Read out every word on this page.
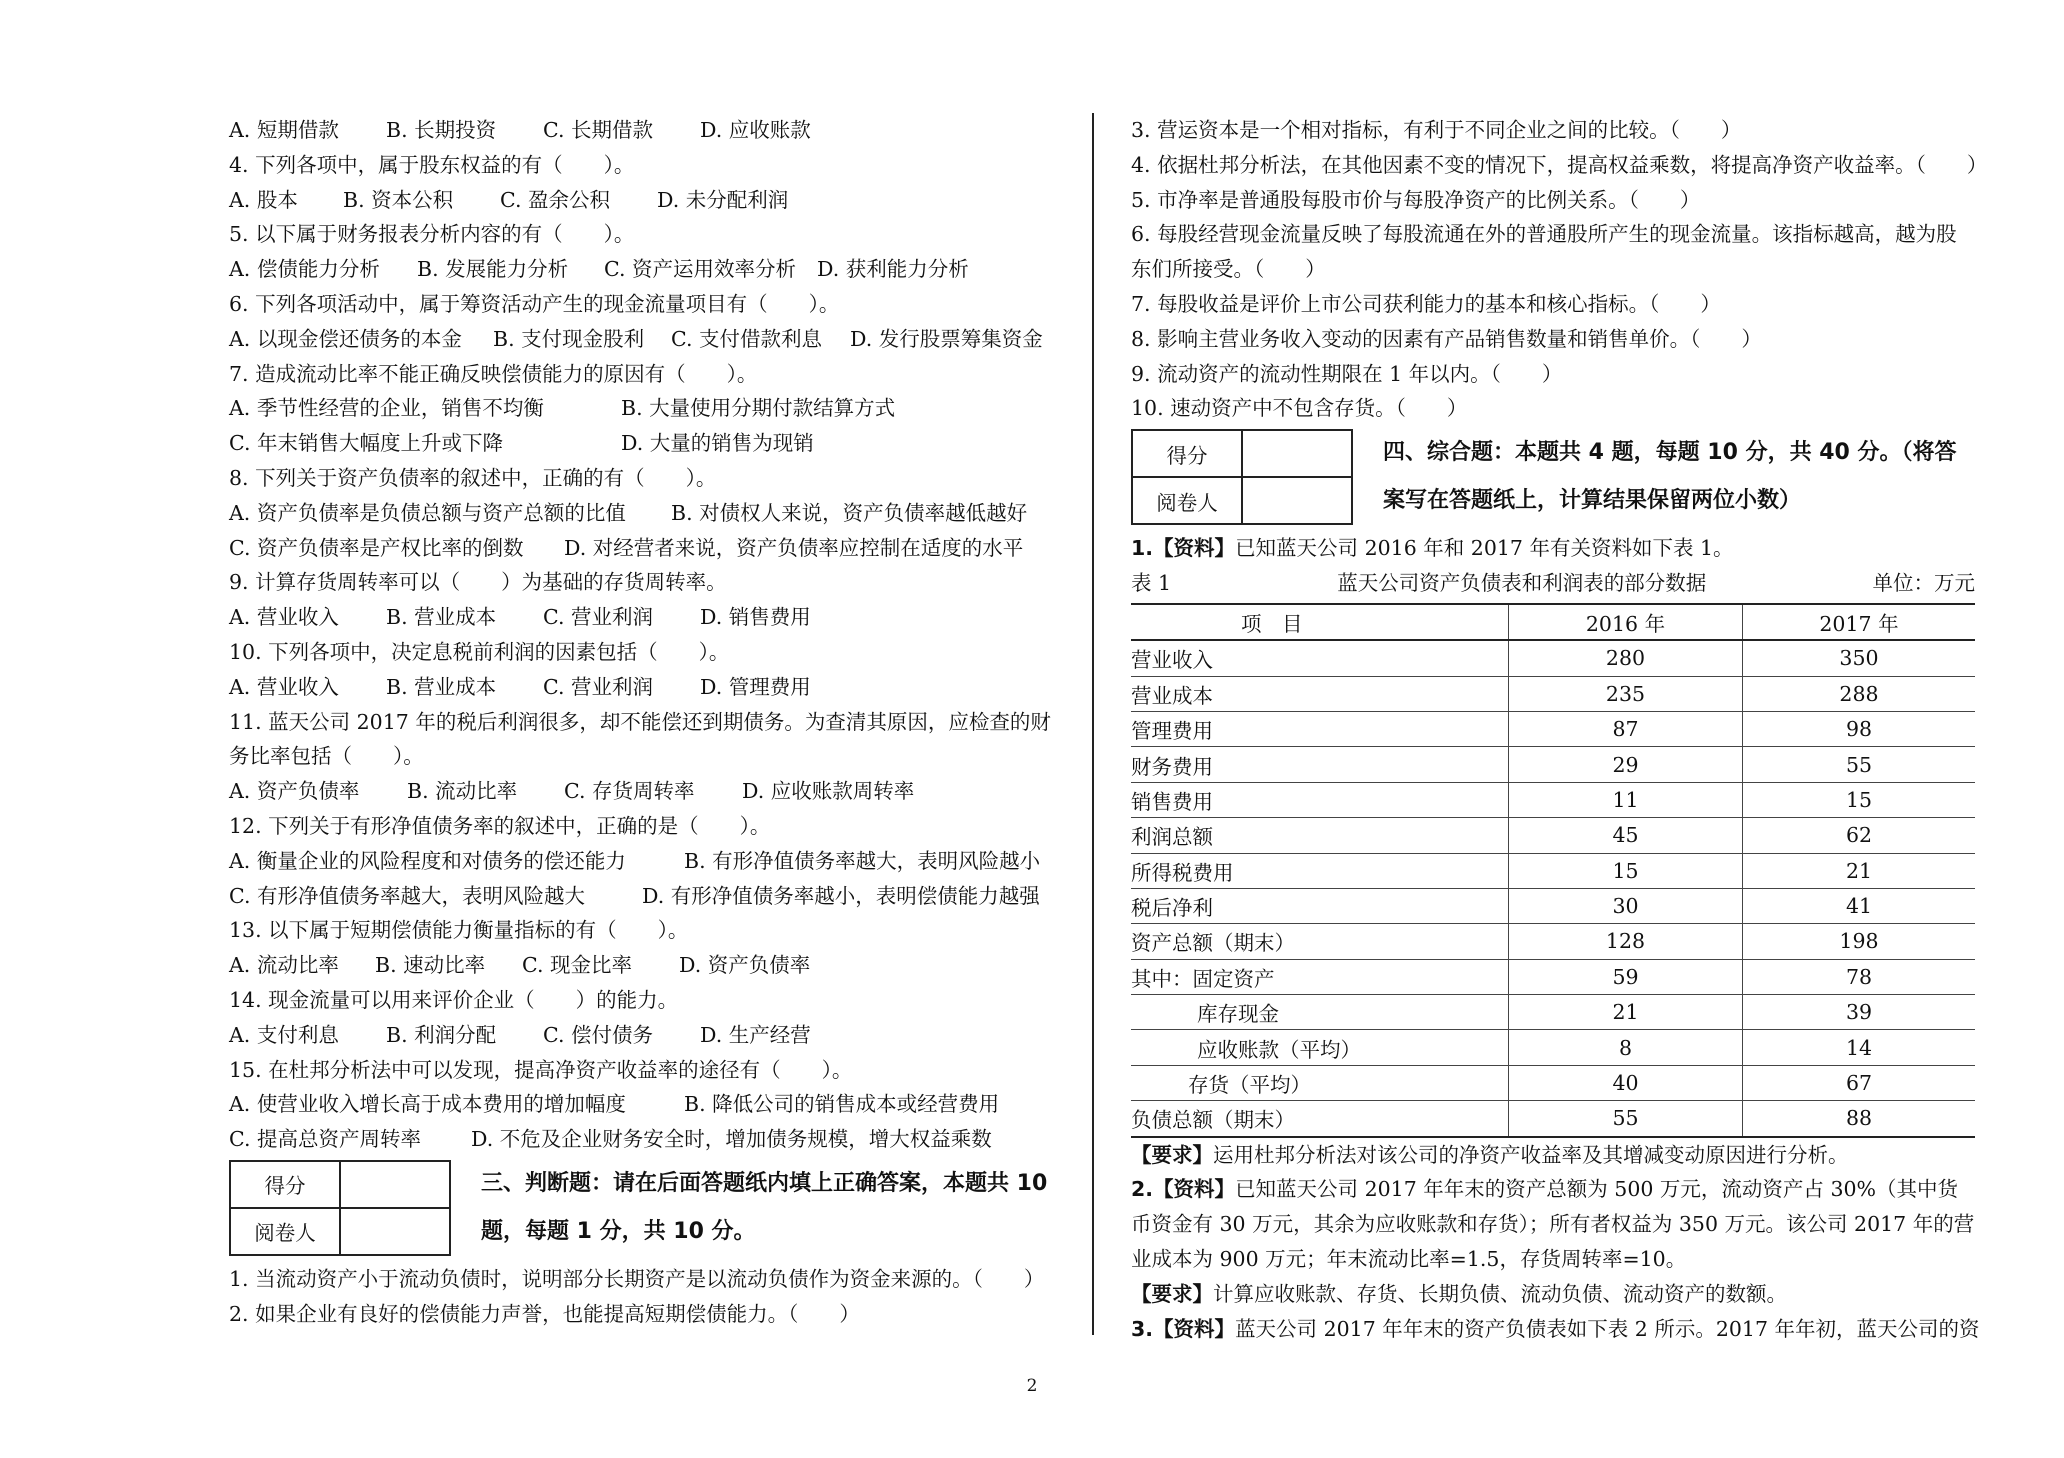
A. 短期借款	B. 长期投资	C. 长期借款	D. 应收账款
4. 下列各项中，属于股东权益的有（　　）。
A. 股本	B. 资本公积	C. 盈余公积	D. 未分配利润
5. 以下属于财务报表分析内容的有（　　）。
A. 偿债能力分析	B. 发展能力分析	C. 资产运用效率分析	D. 获利能力分析
6. 下列各项活动中，属于筹资活动产生的现金流量项目有（　　）。
A. 以现金偿还债务的本金	B. 支付现金股利	C. 支付借款利息	D. 发行股票筹集资金
7. 造成流动比率不能正确反映偿债能力的原因有（　　）。
A. 季节性经营的企业，销售不均衡	B. 大量使用分期付款结算方式
C. 年末销售大幅度上升或下降	D. 大量的销售为现销
8. 下列关于资产负债率的叙述中，正确的有（　　）。
A. 资产负债率是负债总额与资产总额的比值	B. 对债权人来说，资产负债率越低越好
C. 资产负债率是产权比率的倒数	D. 对经营者来说，资产负债率应控制在适度的水平
9. 计算存货周转率可以（　　）为基础的存货周转率。
A. 营业收入	B. 营业成本	C. 营业利润	D. 销售费用
10. 下列各项中，决定息税前利润的因素包括（　　）。
A. 营业收入	B. 营业成本	C. 营业利润	D. 管理费用
11. 蓝天公司 2017 年的税后利润很多，却不能偿还到期债务。为查清其原因，应检查的财务比率包括（　　）。
A. 资产负债率	B. 流动比率	C. 存货周转率	D. 应收账款周转率
12. 下列关于有形净值债务率的叙述中，正确的是（　　）。
A. 衡量企业的风险程度和对债务的偿还能力	B. 有形净值债务率越大，表明风险越小
C. 有形净值债务率越大，表明风险越大	D. 有形净值债务率越小，表明偿债能力越强
13. 以下属于短期偿债能力衡量指标的有（　　）。
A. 流动比率	B. 速动比率	C. 现金比率	D. 资产负债率
14. 现金流量可以用来评价企业（　　）的能力。
A. 支付利息	B. 利润分配	C. 偿付债务	D. 生产经营
15. 在杜邦分析法中可以发现，提高净资产收益率的途径有（　　）。
A. 使营业收入增长高于成本费用的增加幅度	B. 降低公司的销售成本或经营费用
C. 提高总资产周转率	D. 不危及企业财务安全时，增加债务规模，增大权益乘数
得分	
阅卷人	
三、判断题：请在后面答题纸内填上正确答案，本题共 10 题，每题 1 分，共 10 分。
1. 当流动资产小于流动负债时，说明部分长期资产是以流动负债作为资金来源的。（　　）
2. 如果企业有良好的偿债能力声誉，也能提高短期偿债能力。（　　）
3. 营运资本是一个相对指标，有利于不同企业之间的比较。（　　）
4. 依据杜邦分析法，在其他因素不变的情况下，提高权益乘数，将提高净资产收益率。（　　）
5. 市净率是普通股每股市价与每股净资产的比例关系。（　　）
6. 每股经营现金流量反映了每股流通在外的普通股所产生的现金流量。该指标越高，越为股东们所接受。（　　）
7. 每股收益是评价上市公司获利能力的基本和核心指标。（　　）
8. 影响主营业务收入变动的因素有产品销售数量和销售单价。（　　）
9. 流动资产的流动性期限在 1 年以内。（　　）
10. 速动资产中不包含存货。（　　）
得分	
阅卷人	
四、综合题：本题共 4 题，每题 10 分，共 40 分。（将答案写在答题纸上，计算结果保留两位小数）
1.【资料】已知蓝天公司 2016 年和 2017 年有关资料如下表 1。
表 1	蓝天公司资产负债表和利润表的部分数据	单位：万元
项　目	2016 年	2017 年
营业收入	280	350
营业成本	235	288
管理费用	87	98
财务费用	29	55
销售费用	11	15
利润总额	45	62
所得税费用	15	21
税后净利	30	41
资产总额（期末）	128	198
其中：固定资产	59	78
库存现金	21	39
应收账款（平均）	8	14
存货（平均）	40	67
负债总额（期末）	55	88
【要求】运用杜邦分析法对该公司的净资产收益率及其增减变动原因进行分析。
2.【资料】已知蓝天公司 2017 年年末的资产总额为 500 万元，流动资产占 30%（其中货币资金有 30 万元，其余为应收账款和存货）；所有者权益为 350 万元。该公司 2017 年的营业成本为 900 万元；年末流动比率=1.5，存货周转率=10。
【要求】计算应收账款、存货、长期负债、流动负债、流动资产的数额。
3.【资料】蓝天公司 2017 年年末的资产负债表如下表 2 所示。2017 年年初，蓝天公司的资
2
